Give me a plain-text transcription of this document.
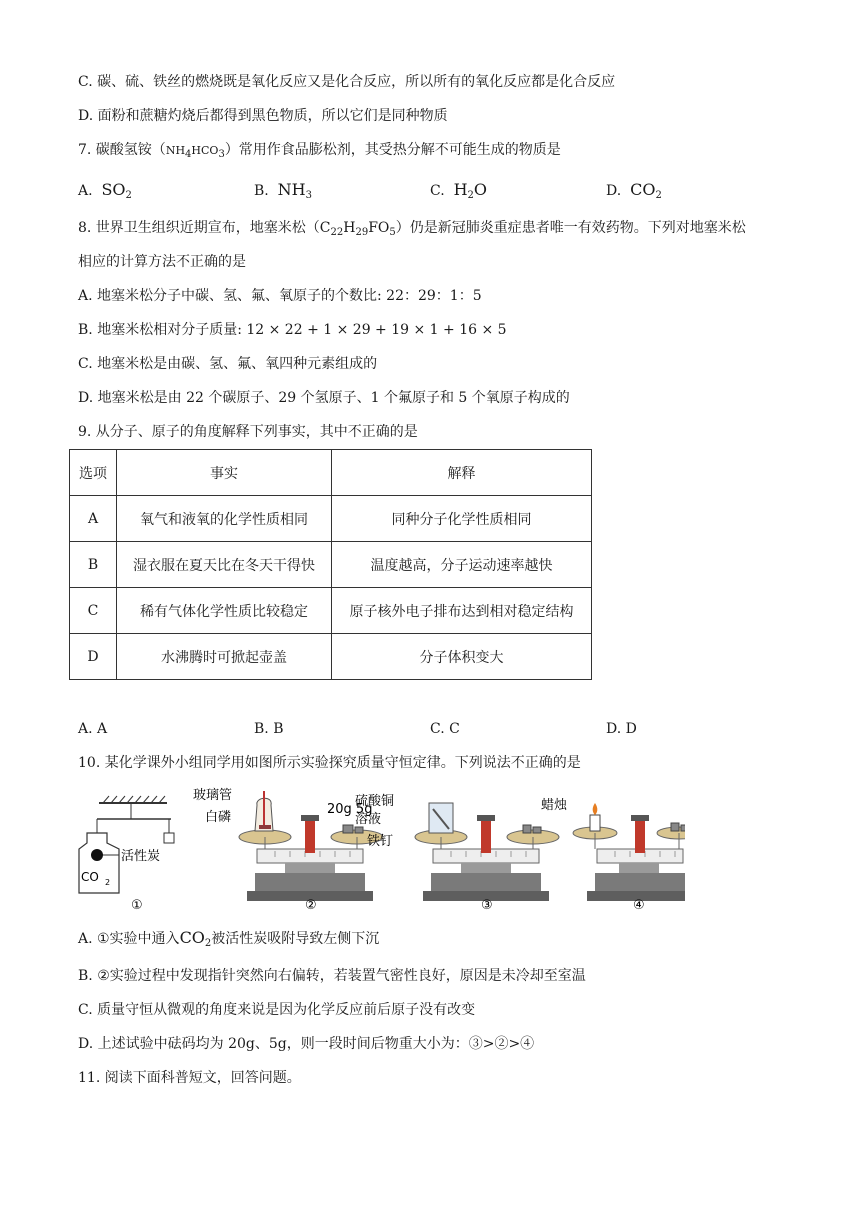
C. 碳、硫、铁丝的燃烧既是氧化反应又是化合反应，所以所有的氧化反应都是化合反应
D. 面粉和蔗糖灼烧后都得到黑色物质，所以它们是同种物质
7. 碳酸氢铵$(NH_4HCO_3)$常用作食品膨松剂，其受热分解不可能生成的物质是
A. $SO_2$	B. $NH_3$	C. $H_2O$	D. $CO_2$
8. 世界卫生组织近期宣布，地塞米松$(C_{22}H_{29}FO_5)$仍是新冠肺炎重症患者唯一有效药物。下列对地塞米松
相应的计算方法不正确的是
A. 地塞米松分子中碳、氢、氟、氧原子的个数比: 22：29：1：5
B. 地塞米松相对分子质量: 12 × 22 + 1 × 29 + 19 × 1 + 16 × 5
C. 地塞米松是由碳、氢、氟、氧四种元素组成的
D. 地塞米松是由 22 个碳原子、29 个氢原子、1 个氟原子和 5 个氧原子构成的
9. 从分子、原子的角度解释下列事实，其中不正确的是
选项	事实	解释
A	氧气和液氧的化学性质相同	同种分子化学性质相同
B	湿衣服在夏天比在冬天干得快	温度越高，分子运动速率越快
C	稀有气体化学性质比较稳定	原子核外电子排布达到相对稳定结构
D	水沸腾时可掀起壶盖	分子体积变大
A. A	B. B	C. C	D. D
10. 某化学课外小组同学用如图所示实验探究质量守恒定律。下列说法不正确的是
CO 2
活性炭
①
玻璃管
白磷
20g 5g
②
硫酸铜
溶液
铁钉
③
蜡烛
④
A. ①实验中通入$CO_2$被活性炭吸附导致左侧下沉
B. ②实验过程中发现指针突然向右偏转，若装置气密性良好，原因是未冷却至室温
C. 质量守恒从微观的角度来说是因为化学反应前后原子没有改变
D. 上述试验中砝码均为 20g、5g，则一段时间后物重大小为：③>②>④
11. 阅读下面科普短文，回答问题。
